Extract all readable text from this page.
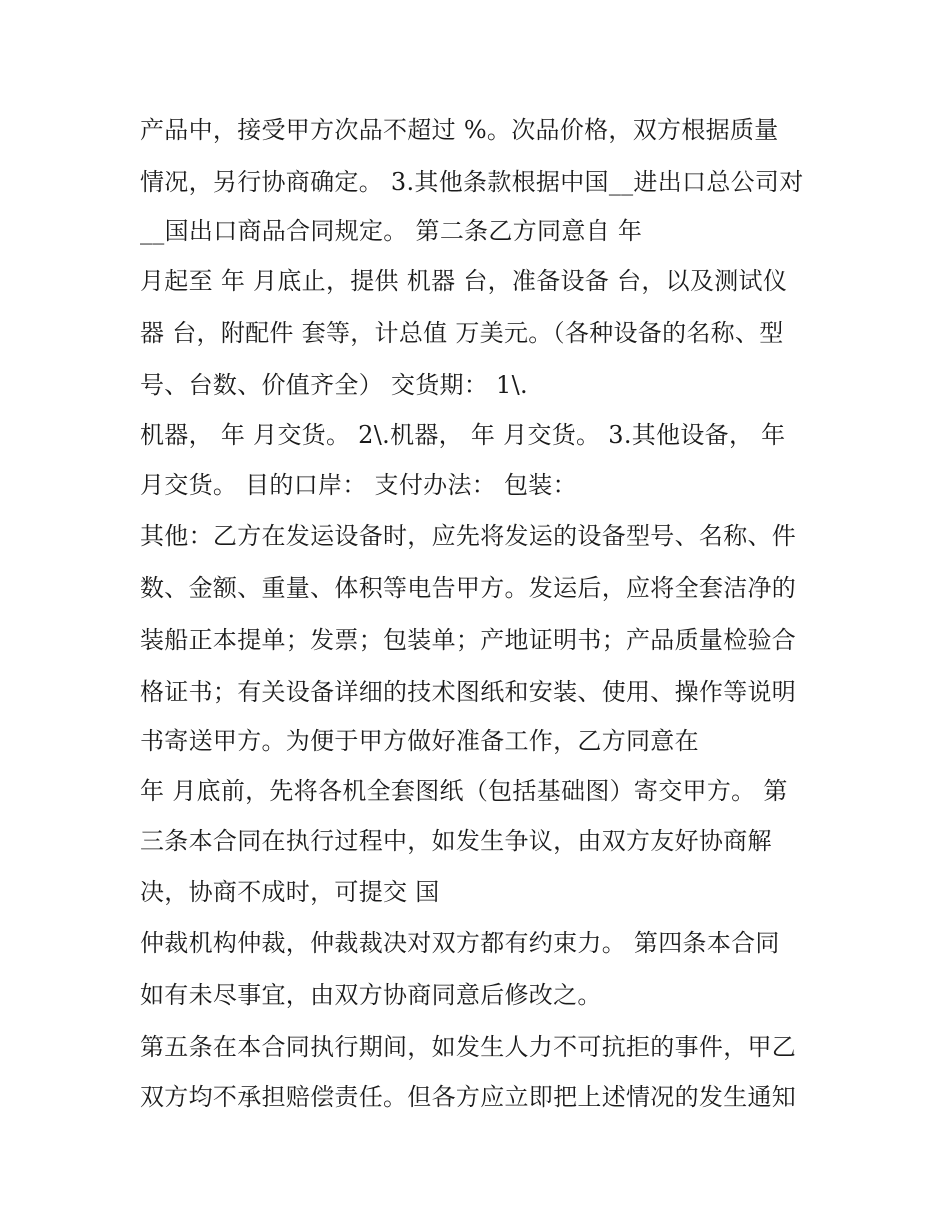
产品中，接受甲方次品不超过 %。次品价格，双方根据质量
情况，另行协商确定。 3.其他条款根据中国__进出口总公司对
__国出口商品合同规定。 第二条乙方同意自 年
月起至 年 月底止，提供 机器 台，准备设备 台，以及测试仪
器 台，附配件 套等，计总值 万美元。（各种设备的名称、型
号、台数、价值齐全） 交货期： 1\.
机器， 年 月交货。 2\.机器， 年 月交货。 3.其他设备， 年
月交货。 目的口岸： 支付办法： 包装：
其他：乙方在发运设备时，应先将发运的设备型号、名称、件
数、金额、重量、体积等电告甲方。发运后，应将全套洁净的
装船正本提单；发票；包装单；产地证明书；产品质量检验合
格证书；有关设备详细的技术图纸和安装、使用、操作等说明
书寄送甲方。为便于甲方做好准备工作，乙方同意在
年 月底前，先将各机全套图纸（包括基础图）寄交甲方。 第
三条本合同在执行过程中，如发生争议，由双方友好协商解
决，协商不成时，可提交 国
仲裁机构仲裁，仲裁裁决对双方都有约束力。 第四条本合同
如有未尽事宜，由双方协商同意后修改之。
第五条在本合同执行期间，如发生人力不可抗拒的事件，甲乙
双方均不承担赔偿责任。但各方应立即把上述情况的发生通知
